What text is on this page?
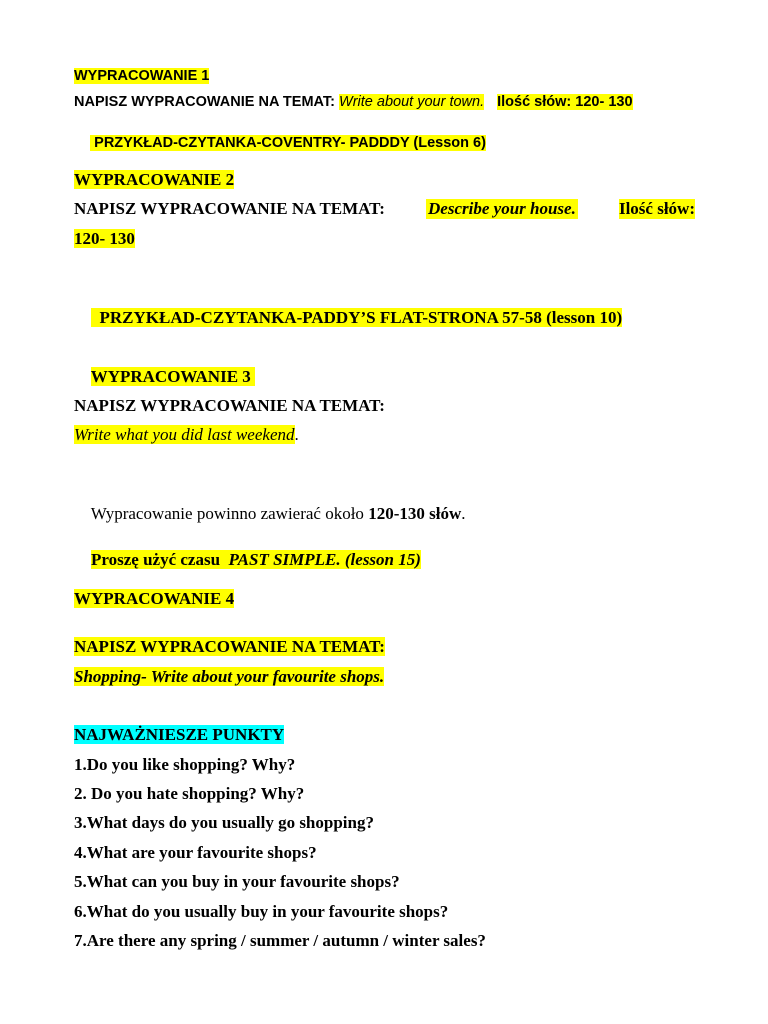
WYPRACOWANIE 1
NAPISZ WYPRACOWANIE NA TEMAT: Write about your town. Ilość słów: 120- 130

PRZYKŁAD-CZYTANKA-COVENTRY- PADDDY (Lesson 6)

WYPRACOWANIE 2
NAPISZ WYPRACOWANIE NA TEMAT:	Describe your house.	Ilość słów:
120- 130

PRZYKŁAD-CZYTANKA-PADDY’S FLAT-STRONA 57-58 (lesson 10)

WYPRACOWANIE 3

NAPISZ WYPRACOWANIE NA TEMAT:
Write what you did last weekend.

Wypracowanie powinno zawierać około 120-130 słów.

Proszę użyć czasu  PAST SIMPLE. (lesson 15)

WYPRACOWANIE 4
NAPISZ WYPRACOWANIE NA TEMAT:
Shopping- Write about your favourite shops.
NAJWAŻNIESZE PUNKTY
1.Do you like shopping? Why?
2. Do you hate shopping? Why?
3.What days do you usually go shopping?
4.What are your favourite shops?
5.What can you buy in your favourite shops?
6.What do you usually buy in your favourite shops?
7.Are there any spring / summer / autumn / winter sales?
